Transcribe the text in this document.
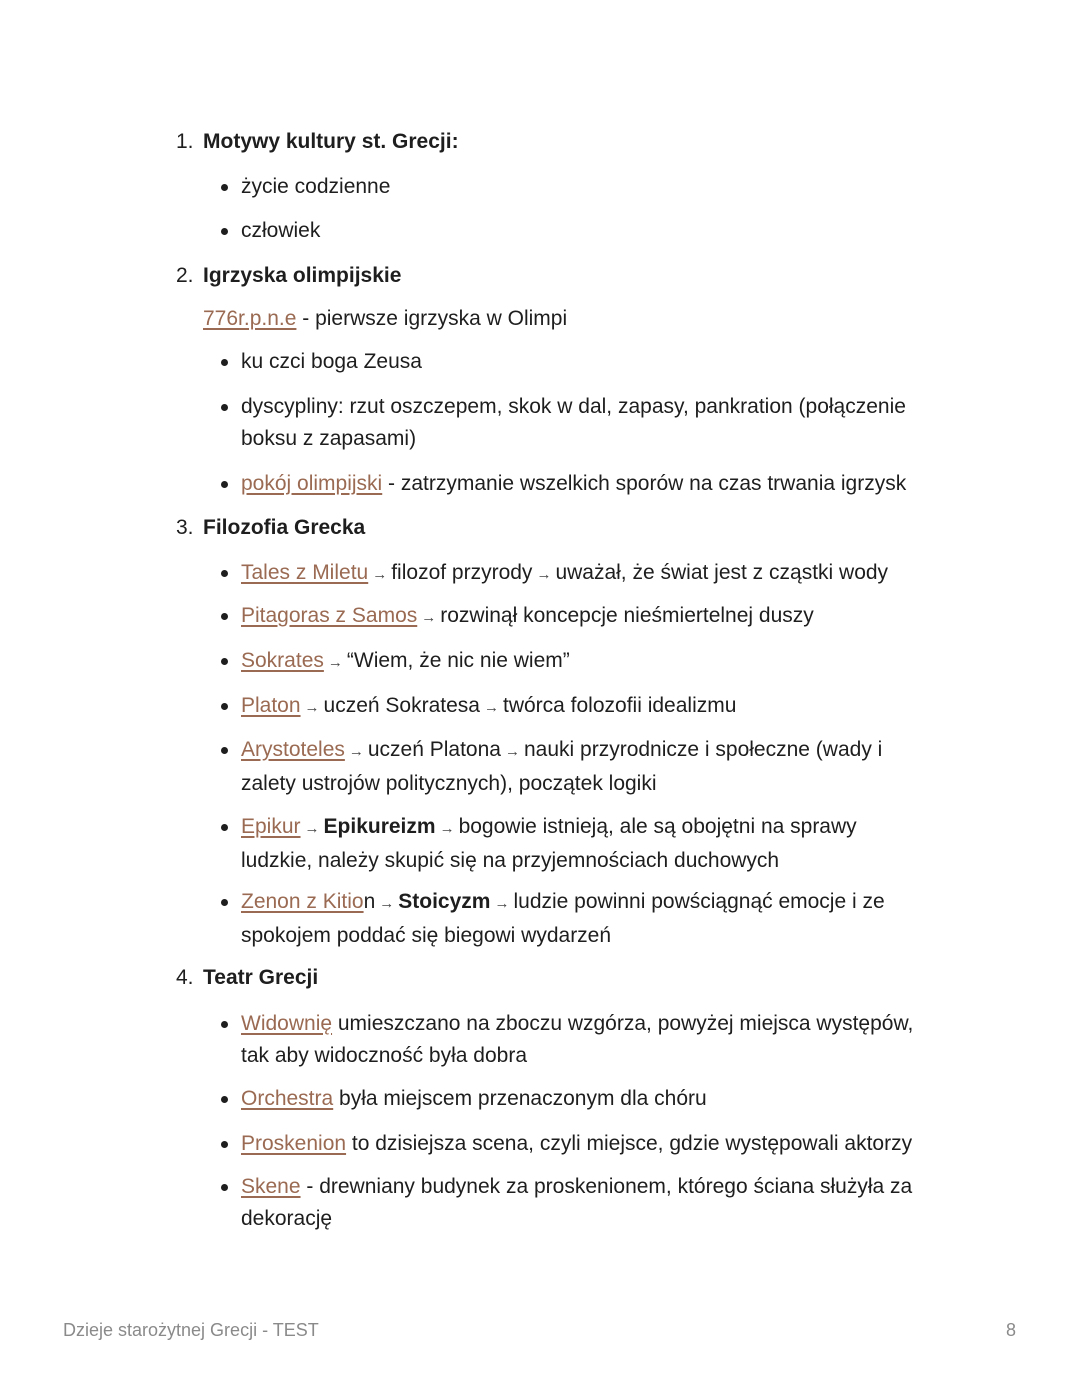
1. Motywy kultury st. Grecji:
życie codzienne
człowiek
2. Igrzyska olimpijskie
776r.p.n.e - pierwsze igrzyska w Olimpi
ku czci boga Zeusa
dyscypliny: rzut oszczepem, skok w dal, zapasy, pankration (połączenie boksu z zapasami)
pokój olimpijski - zatrzymanie wszelkich sporów na czas trwania igrzysk
3. Filozofia Grecka
Tales z Miletu → filozof przyrody → uważał, że świat jest z cząstki wody
Pitagoras z Samos → rozwinął koncepcje nieśmiertelnej duszy
Sokrates → “Wiem, że nic nie wiem”
Platon → uczeń Sokratesa → twórca folozofii idealizmu
Arystoteles → uczeń Platona → nauki przyrodnicze i społeczne (wady i zalety ustrojów politycznych), początek logiki
Epikur → Epikureizm → bogowie istnieją, ale są obojętni na sprawy ludzkie, należy skupić się na przyjemnościach duchowych
Zenon z Kition → Stoicyzm → ludzie powinni powściągnąć emocje i ze spokojem poddać się biegowi wydarzeń
4. Teatr Grecji
Widownię umieszczano na zboczu wzgórza, powyżej miejsca występów, tak aby widoczność była dobra
Orchestra była miejscem przenaczonym dla chóru
Proskenion to dzisiejsza scena, czyli miejsce, gdzie występowali aktorzy
Skene - drewniany budynek za proskenionem, którego ściana służyła za dekorację
Dzieje starożytnej Grecji - TEST	8
